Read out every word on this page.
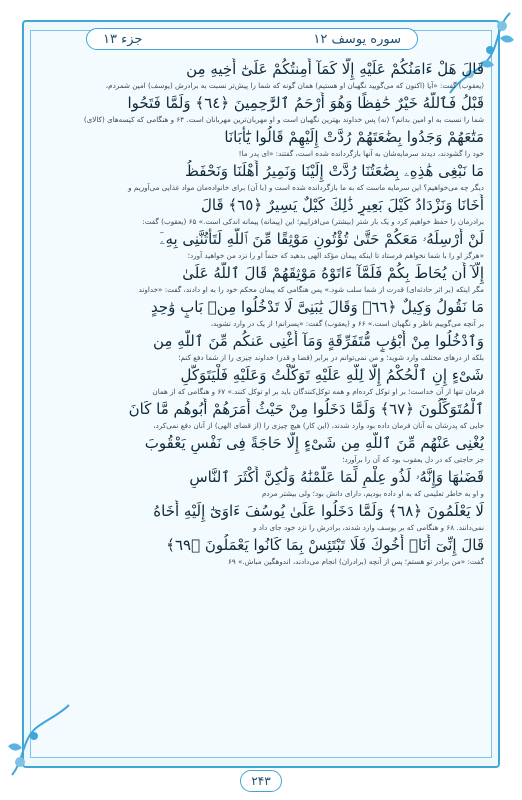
سوره یوسف ۱۲
جزء ۱۳
قَالَ هَلْ ءَامَنُكُمْ عَلَيْهِ إِلَّا كَمَآ أَمِنتُكُمْ عَلَىٰٓ أَخِيهِ مِن
(یعقوب) گفت: «آیا (اکنون که می‌گویید نگهبان او هستیم) همان گونه که شما را پیش‌تر نسبت به برادرش (یوسف) امین شمردم،
قَبْلُ فَٱللَّهُ خَيْرٌ حَٰفِظًا وَهُوَ أَرْحَمُ ٱلرَّٰحِمِينَ ﴿٦٤﴾ وَلَمَّا فَتَحُوا
شما را نسبت به او امین بدانم؟ (نه) پس خداوند بهترین نگهبان است و او مهربان‌ترین مهربانان است. ۶۴ و هنگامی که کیسه‌های (کالای)
مَتَٰعَهُمْ وَجَدُوا بِضَٰعَتَهُمْ رُدَّتْ إِلَيْهِمْ قَالُوا يَٰٓأَبَانَا
خود را گشودند، دیدند سرمایه‌شان به آنها بازگردانده شده است، گفتند: «ای پدر ما!
مَا نَبْغِى هَٰذِهِۦ بِضَٰعَتُنَا رُدَّتْ إِلَيْنَا وَنَمِيرُ أَهْلَنَا وَنَحْفَظُ
دیگر چه می‌خواهیم؟ این سرمایه ماست که به ما بازگردانده شده است و (با آن) برای خانواده‌مان مواد غذایی می‌آوریم و
أَخَانَا وَنَزْدَادُ كَيْلَ بَعِيرٍ ذَٰلِكَ كَيْلٌ يَسِيرٌ ﴿٦٥﴾ قَالَ
برادرمان را حفظ خواهیم کرد و یک بار شتر (بیشتر) می‌افزاییم؛ این (پیمانه) پیمانه اندکی است.» ۶۵ (یعقوب) گفت:
لَنْ أُرْسِلَهُۥ مَعَكُمْ حَتَّىٰ تُؤْتُونِ مَوْثِقًا مِّنَ ٱللَّهِ لَتَأْتُنَّنِى بِهِۦٓ
«هرگز او را با شما نخواهم فرستاد تا اینکه پیمان مؤکد الهی بدهید که حتماً او را نزد من خواهید آورد؛
إِلَّآ أَن يُحَاطَ بِكُمْ فَلَمَّآ ءَاتَوْهُ مَوْثِقَهُمْ قَالَ ٱللَّهُ عَلَىٰ
مگر اینکه (بر اثر حادثه‌ای) قدرت از شما سلب شود.» پس هنگامی که پیمان محکم خود را به او دادند، گفت: «خداوند
مَا نَقُولُ وَكِيلٌ ﴿٦٦﴾ وَقَالَ يَٰبَنِىَّ لَا تَدْخُلُوا مِنۢ بَابٍ وَٰحِدٍ
بر آنچه می‌گوییم ناظر و نگهبان است.» ۶۶ و (یعقوب) گفت: «پسرانم! از یک در وارد نشوید،
وَٱدْخُلُوا مِنْ أَبْوَٰبٍ مُّتَفَرِّقَةٍ وَمَآ أُغْنِى عَنكُم مِّنَ ٱللَّهِ مِن
بلکه از درهای مختلف وارد شوید؛ و من نمی‌توانم در برابر (قضا و قدر) خداوند چیزی را از شما دفع کنم؛
شَىْءٍ إِنِ ٱلْحُكْمُ إِلَّا لِلَّهِ عَلَيْهِ تَوَكَّلْتُ وَعَلَيْهِ فَلْيَتَوَكَّلِ
فرمان تنها از آن خداست؛ بر او توکل کرده‌ام و همه توکل‌کنندگان باید بر او توکل کنند.» ۶۷ و هنگامی که از همان
ٱلْمُتَوَكِّلُونَ ﴿٦٧﴾ وَلَمَّا دَخَلُوا مِنْ حَيْثُ أَمَرَهُمْ أَبُوهُم مَّا كَانَ
جایی که پدرشان به آنان فرمان داده بود وارد شدند، (این کار) هیچ چیزی را (از قضای الهی) از آنان دفع نمی‌کرد،
يُغْنِى عَنْهُم مِّنَ ٱللَّهِ مِن شَىْءٍ إِلَّا حَاجَةً فِى نَفْسِ يَعْقُوبَ
جز حاجتی که در دل یعقوب بود که آن را برآورد؛
قَضَىٰهَا وَإِنَّهُۥ لَذُو عِلْمٍ لِّمَا عَلَّمْنَٰهُ وَلَٰكِنَّ أَكْثَرَ ٱلنَّاسِ
و او به خاطر تعلیمی که به او داده بودیم، دارای دانش بود؛ ولی بیشتر مردم
لَا يَعْلَمُونَ ﴿٦٨﴾ وَلَمَّا دَخَلُوا عَلَىٰ يُوسُفَ ءَاوَىٰٓ إِلَيْهِ أَخَاهُ
نمی‌دانند. ۶۸ و هنگامی که بر یوسف وارد شدند، برادرش را نزد خود جای داد و
قَالَ إِنِّىٓ أَنَا۠ أَخُوكَ فَلَا تَبْتَئِسْ بِمَا كَانُوا يَعْمَلُونَ ﴿٦٩﴾
گفت: «من برادر تو هستم؛ پس از آنچه (برادران) انجام می‌دادند، اندوهگین مباش.» ۶۹
۲۴۳
